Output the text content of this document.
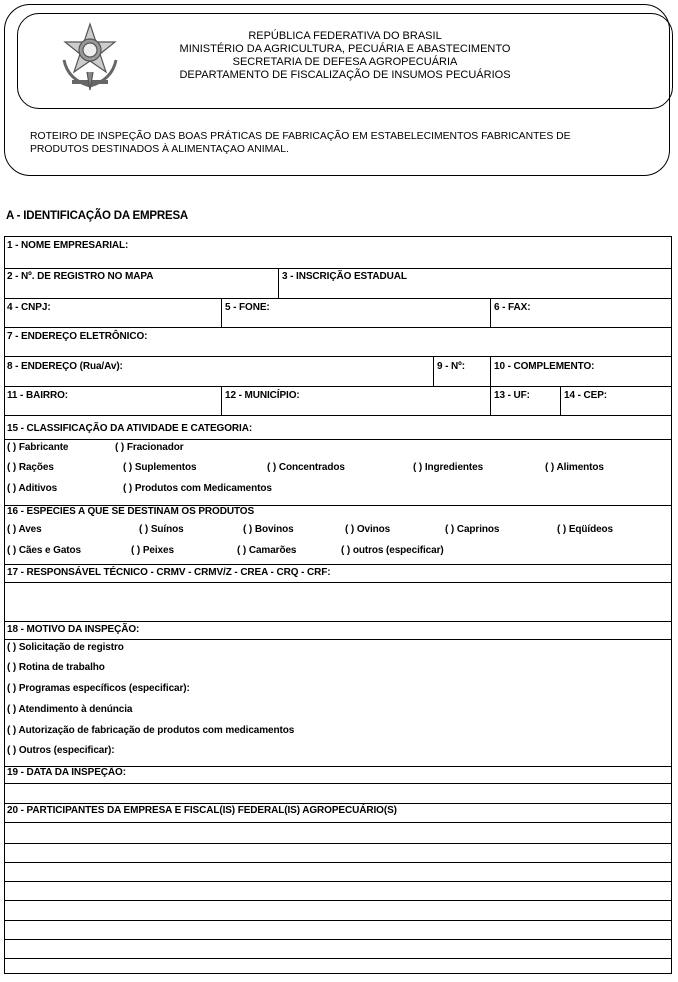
REPÚBLICA FEDERATIVA DO BRASIL
MINISTÉRIO DA AGRICULTURA, PECUÁRIA E ABASTECIMENTO
SECRETARIA DE DEFESA AGROPECUÁRIA
DEPARTAMENTO DE FISCALIZAÇÃO DE INSUMOS PECUÁRIOS
ROTEIRO DE INSPEÇÃO DAS BOAS PRÁTICAS DE FABRICAÇÃO EM ESTABELECIMENTOS FABRICANTES DE
PRODUTOS DESTINADOS À ALIMENTAÇAO ANIMAL.
A - IDENTIFICAÇÃO DA EMPRESA
1 - NOME EMPRESARIAL:
2 - Nº. DE REGISTRO NO MAPA	3 - INSCRIÇÃO ESTADUAL
4 - CNPJ:	5 - FONE:	6 - FAX:
7 - ENDEREÇO ELETRÔNICO:
8 - ENDEREÇO (Rua/Av):	9 - Nº:	10 - COMPLEMENTO:
11 - BAIRRO:	12 - MUNICÍPIO:	13 - UF:	14 - CEP:
15 - CLASSIFICAÇÃO DA ATIVIDADE E CATEGORIA:
( ) Fabricante	( ) Fracionador
( ) Rações	( ) Suplementos	( ) Concentrados	( ) Ingredientes	( ) Alimentos
( ) Aditivos	( ) Produtos com Medicamentos
16 - ESPÉCIES A QUE SE DESTINAM OS PRODUTOS
( ) Aves	( ) Suínos	( ) Bovinos	( ) Ovinos	( ) Caprinos	( ) Eqüídeos
( ) Cães e Gatos	( ) Peixes	( ) Camarões	( ) outros (especificar)
17 - RESPONSÁVEL TÉCNICO - CRMV - CRMV/Z - CREA - CRQ - CRF:
18 - MOTIVO DA INSPEÇÃO:
( ) Solicitação de registro
( ) Rotina de trabalho
( ) Programas específicos (especificar):
( ) Atendimento à denúncia
( ) Autorização de fabricação de produtos com medicamentos
( ) Outros (especificar):
19 - DATA DA INSPEÇÃO:
20 - PARTICIPANTES DA EMPRESA E FISCAL(IS) FEDERAL(IS) AGROPECUÁRIO(S)
